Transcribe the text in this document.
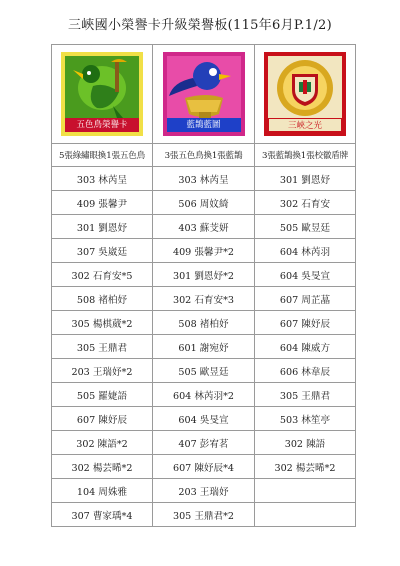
三峽國小榮譽卡升級榮譽板(115年6月P.1/2)
五色鳥榮譽卡	藍鵲藍圖	三峽之光

5張綠繡眼換1張五色鳥	3張五色鳥換1張藍鵲	3張藍鵲換1張校徽盾牌
303 林芮呈	303 林芮呈	301 劉恩妤
409 張馨尹	506 周妏綺	302 石育安
301 劉恩妤	403 蘇芠妍	505 歐昱廷
307 吳崴廷	409 張馨尹*2	604 林芮羽
302 石育安*5	301 劉恩妤*2	604 吳旻宣
508 褚柏妤	302 石育安*3	607 周芷蕌
305 楊棋葳*2	508 褚柏妤	607 陳妤辰
305 王鼎君	601 謝宛妤	604 陳威方
203 王瑞妤*2	505 歐昱廷	606 林韋辰
505 羅婕語	604 林芮羽*2	305 王鼎君
607 陳妤辰	604 吳旻宣	503 林笙亭
302 陳語*2	407 彭宥茗	302 陳語
302 楊芸晞*2	607 陳妤辰*4	302 楊芸晞*2
104 周姝雅	203 王瑞妤	
307 曹家瑀*4	305 王鼎君*2	
